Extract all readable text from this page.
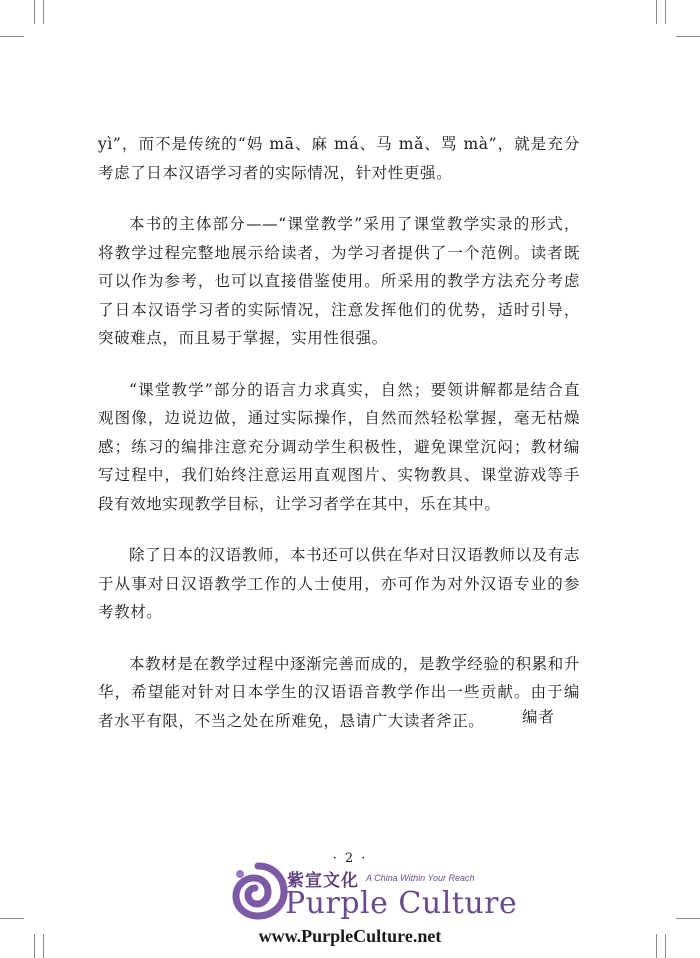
yì”，而不是传统的“妈 mā、麻 má、马 mǎ、骂 mà”，就是充分考虑了日本汉语学习者的实际情况，针对性更强。

本书的主体部分——“课堂教学”采用了课堂教学实录的形式，将教学过程完整地展示给读者，为学习者提供了一个范例。读者既可以作为参考，也可以直接借鉴使用。所采用的教学方法充分考虑了日本汉语学习者的实际情况，注意发挥他们的优势，适时引导，突破难点，而且易于掌握，实用性很强。

“课堂教学”部分的语言力求真实，自然；要领讲解都是结合直观图像，边说边做，通过实际操作，自然而然轻松掌握，毫无枯燥感；练习的编排注意充分调动学生积极性，避免课堂沉闷；教材编写过程中，我们始终注意运用直观图片、实物教具、课堂游戏等手段有效地实现教学目标，让学习者学在其中，乐在其中。

除了日本的汉语教师，本书还可以供在华对日汉语教师以及有志于从事对日汉语教学工作的人士使用，亦可作为对外汉语专业的参考教材。

本教材是在教学过程中逐渐完善而成的，是教学经验的积累和升华，希望能对针对日本学生的汉语语音教学作出一些贡献。由于编者水平有限，不当之处在所难免，恳请广大读者斧正。	编者
· 2 ·
紫宣文化 A China Within Your Reach
Purple Culture
www.PurpleCulture.net
